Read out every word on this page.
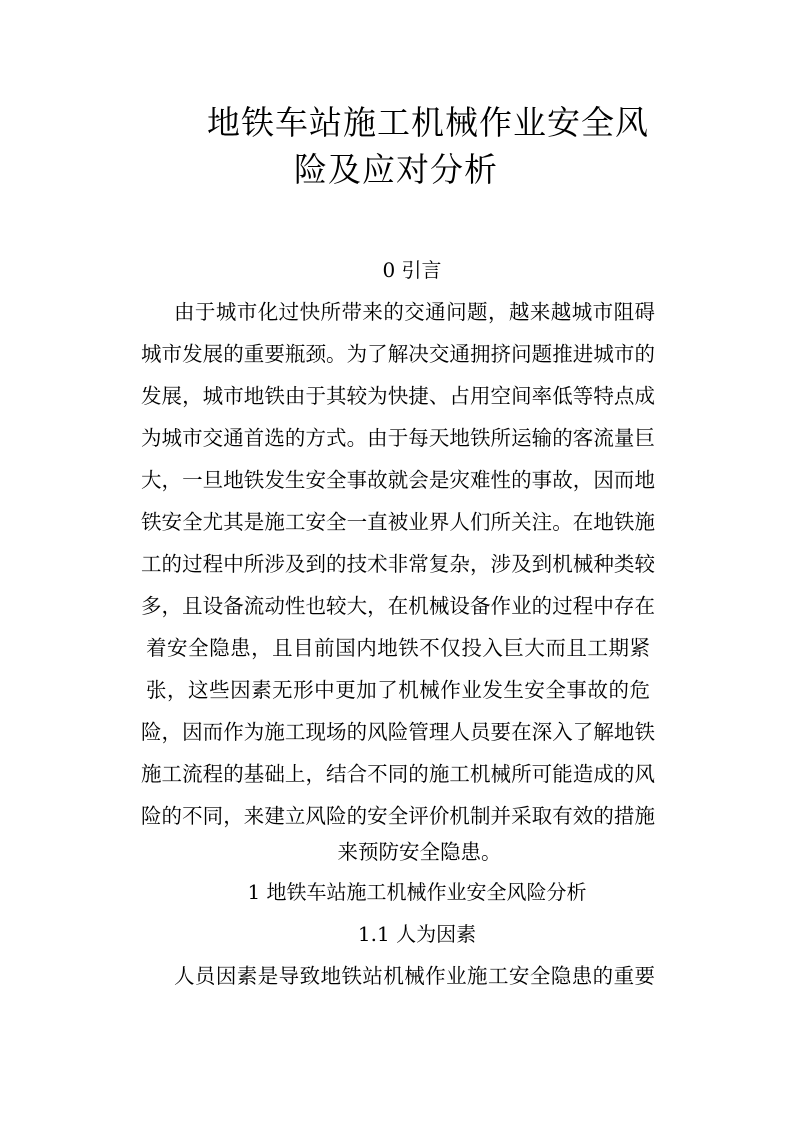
地铁车站施工机械作业安全风
险及应对分析
0 引言
由于城市化过快所带来的交通问题，越来越城市阻碍
城市发展的重要瓶颈。为了解决交通拥挤问题推进城市的
发展，城市地铁由于其较为快捷、占用空间率低等特点成
为城市交通首选的方式。由于每天地铁所运输的客流量巨
大，一旦地铁发生安全事故就会是灾难性的事故，因而地
铁安全尤其是施工安全一直被业界人们所关注。在地铁施
工的过程中所涉及到的技术非常复杂，涉及到机械种类较
多，且设备流动性也较大，在机械设备作业的过程中存在
着安全隐患，且目前国内地铁不仅投入巨大而且工期紧
张，这些因素无形中更加了机械作业发生安全事故的危
险，因而作为施工现场的风险管理人员要在深入了解地铁
施工流程的基础上，结合不同的施工机械所可能造成的风
险的不同，来建立风险的安全评价机制并采取有效的措施
来预防安全隐患。
1 地铁车站施工机械作业安全风险分析
1.1 人为因素
人员因素是导致地铁站机械作业施工安全隐患的重要
